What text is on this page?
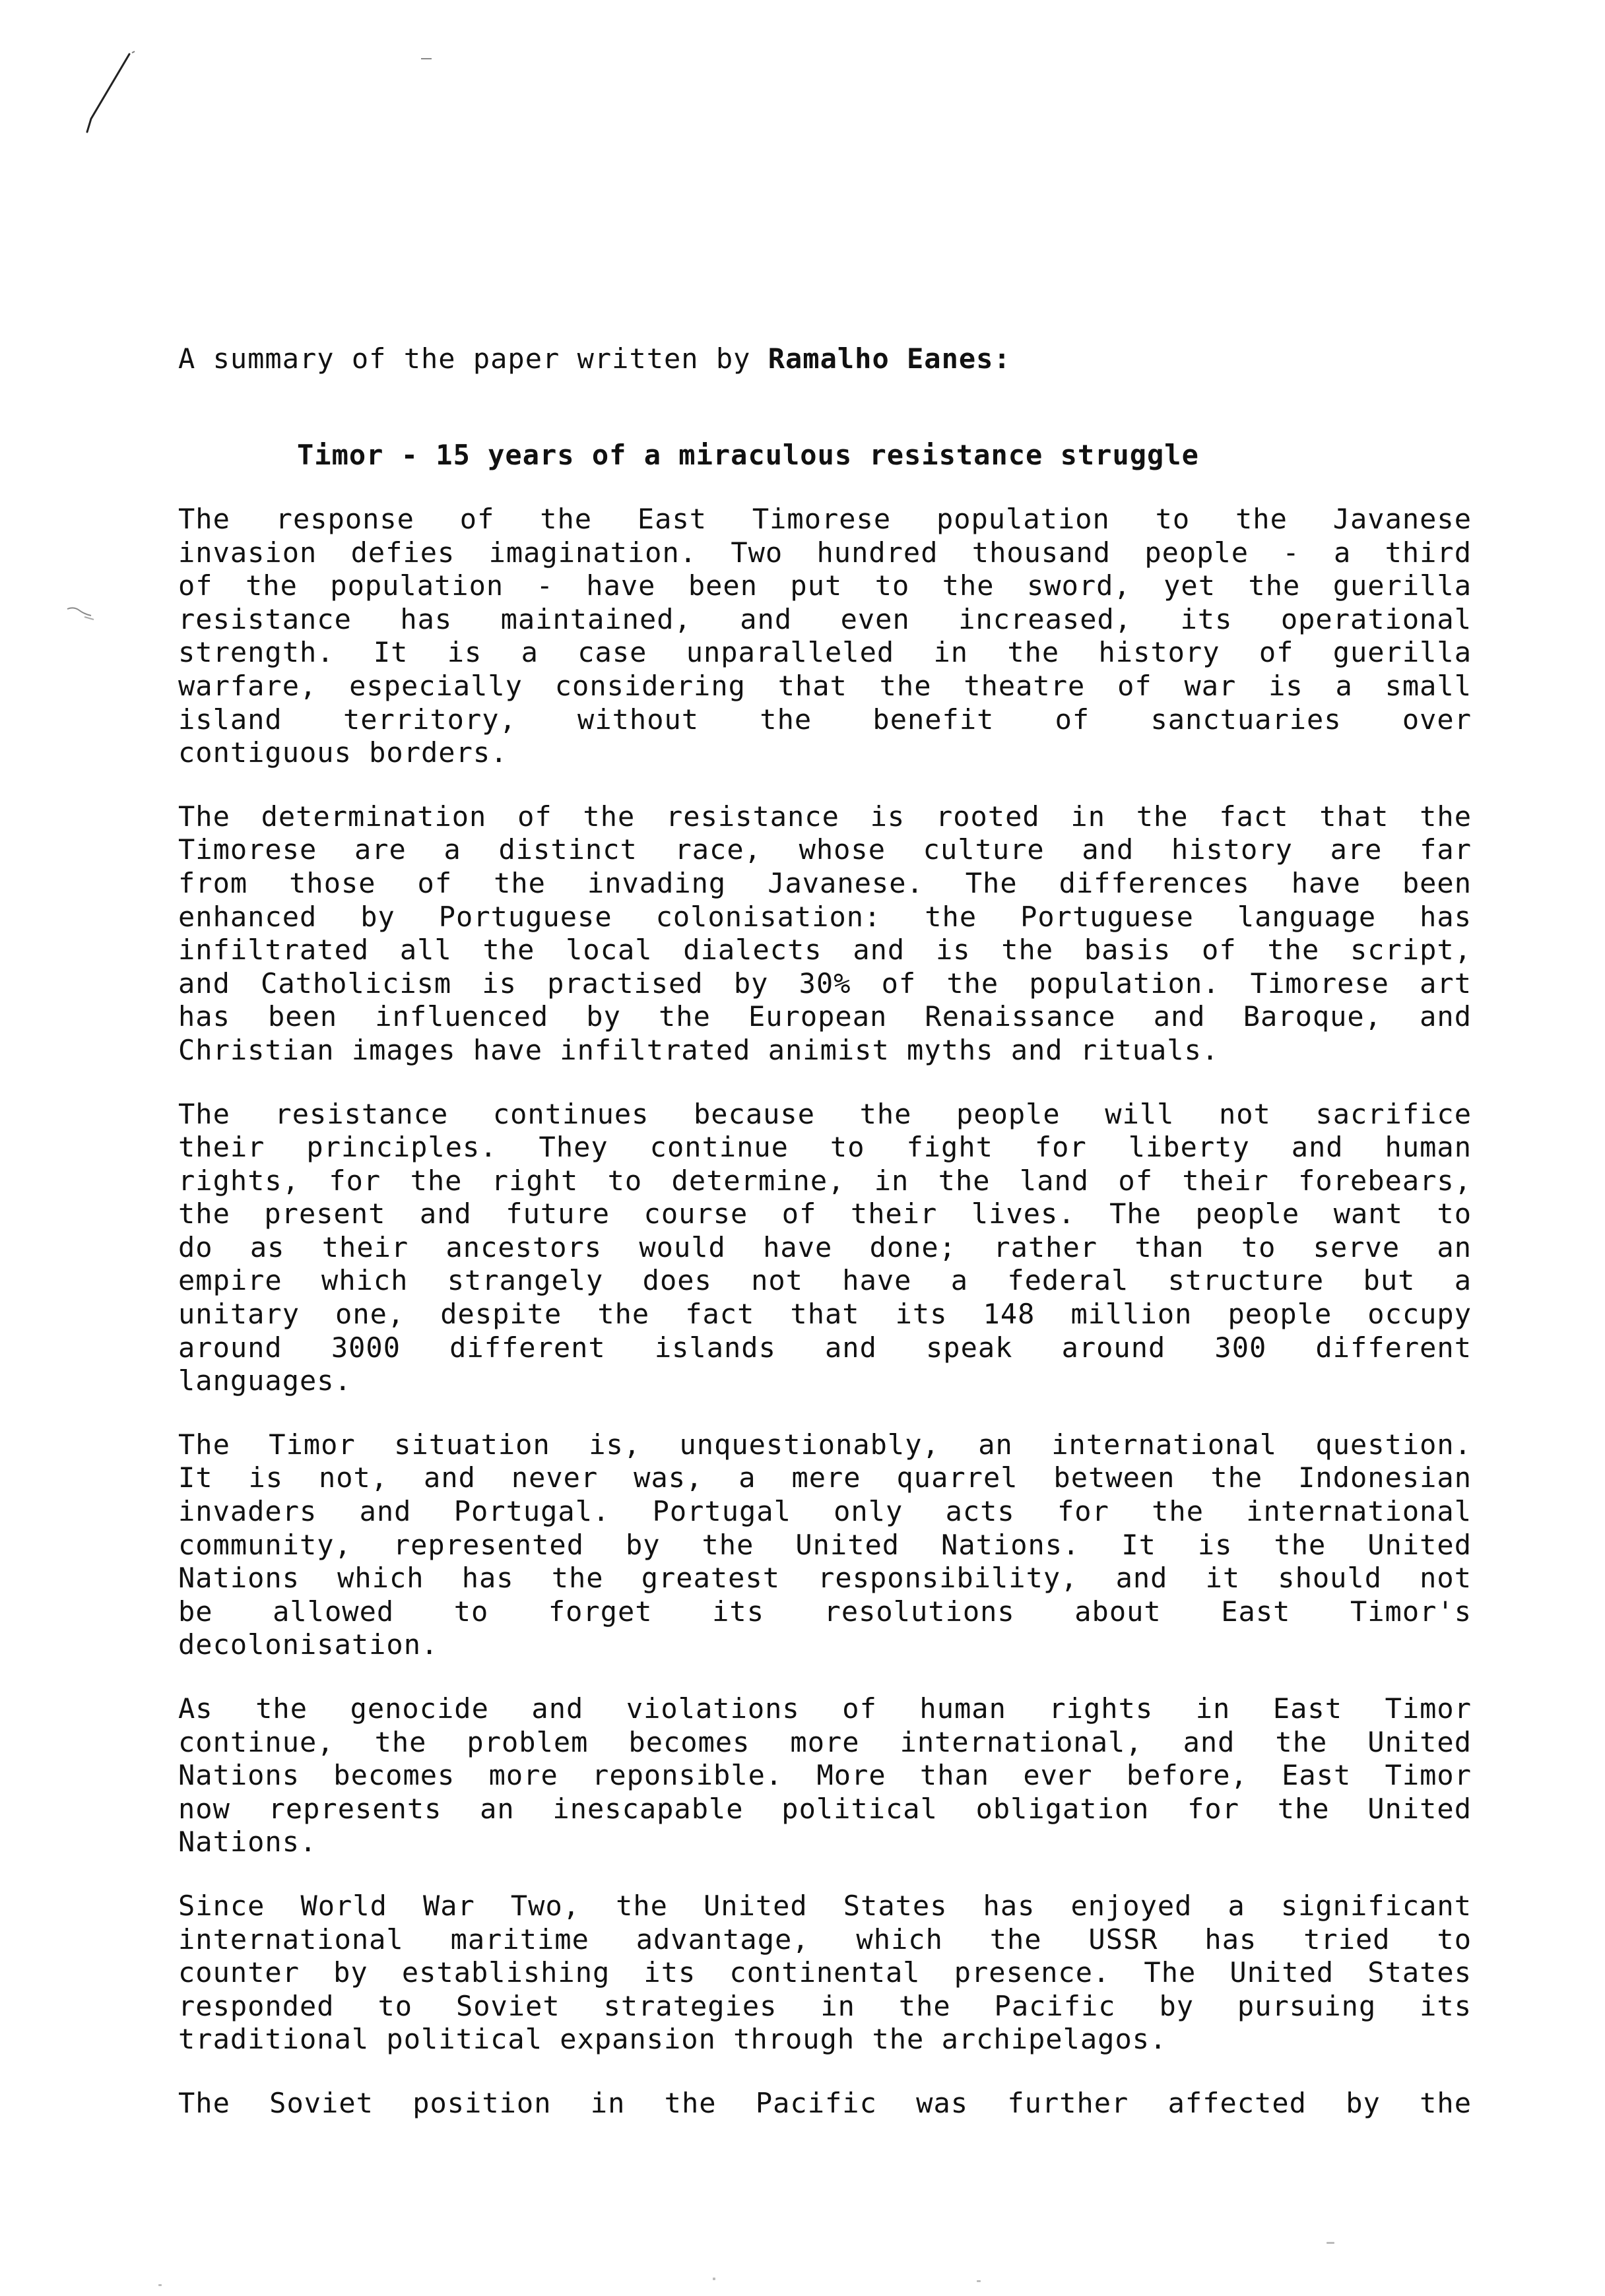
A summary of the paper written by Ramalho Eanes:

Timor - 15 years of a miraculous resistance struggle
The response of the East Timorese population to the Javanese
invasion defies imagination. Two hundred thousand people - a third
of the population - have been put to the sword, yet the guerilla
resistance has maintained, and even increased, its operational
strength. It is a case unparalleled in the history of guerilla
warfare, especially considering that the theatre of war is a small
island territory, without the benefit of sanctuaries over
contiguous borders.
The determination of the resistance is rooted in the fact that the
Timorese are a distinct race, whose culture and history are far
from those of the invading Javanese. The differences have been
enhanced by Portuguese colonisation: the Portuguese language has
infiltrated all the local dialects and is the basis of the script,
and Catholicism is practised by 30% of the population. Timorese art
has been influenced by the European Renaissance and Baroque, and
Christian images have infiltrated animist myths and rituals.
The resistance continues because the people will not sacrifice
their principles. They continue to fight for liberty and human
rights, for the right to determine, in the land of their forebears,
the present and future course of their lives. The people want to
do as their ancestors would have done; rather than to serve an
empire which strangely does not have a federal structure but a
unitary one, despite the fact that its 148 million people occupy
around 3000 different islands and speak around 300 different
languages.
The Timor situation is, unquestionably, an international question.
It is not, and never was, a mere quarrel between the Indonesian
invaders and Portugal. Portugal only acts for the international
community, represented by the United Nations. It is the United
Nations which has the greatest responsibility, and it should not
be allowed to forget its resolutions about East Timor's
decolonisation.
As the genocide and violations of human rights in East Timor
continue, the problem becomes more international, and the United
Nations becomes more reponsible. More than ever before, East Timor
now represents an inescapable political obligation for the United
Nations.
Since World War Two, the United States has enjoyed a significant
international maritime advantage, which the USSR has tried to
counter by establishing its continental presence. The United States
responded to Soviet strategies in the Pacific by pursuing its
traditional political expansion through the archipelagos.
The Soviet position in the Pacific was further affected by the
